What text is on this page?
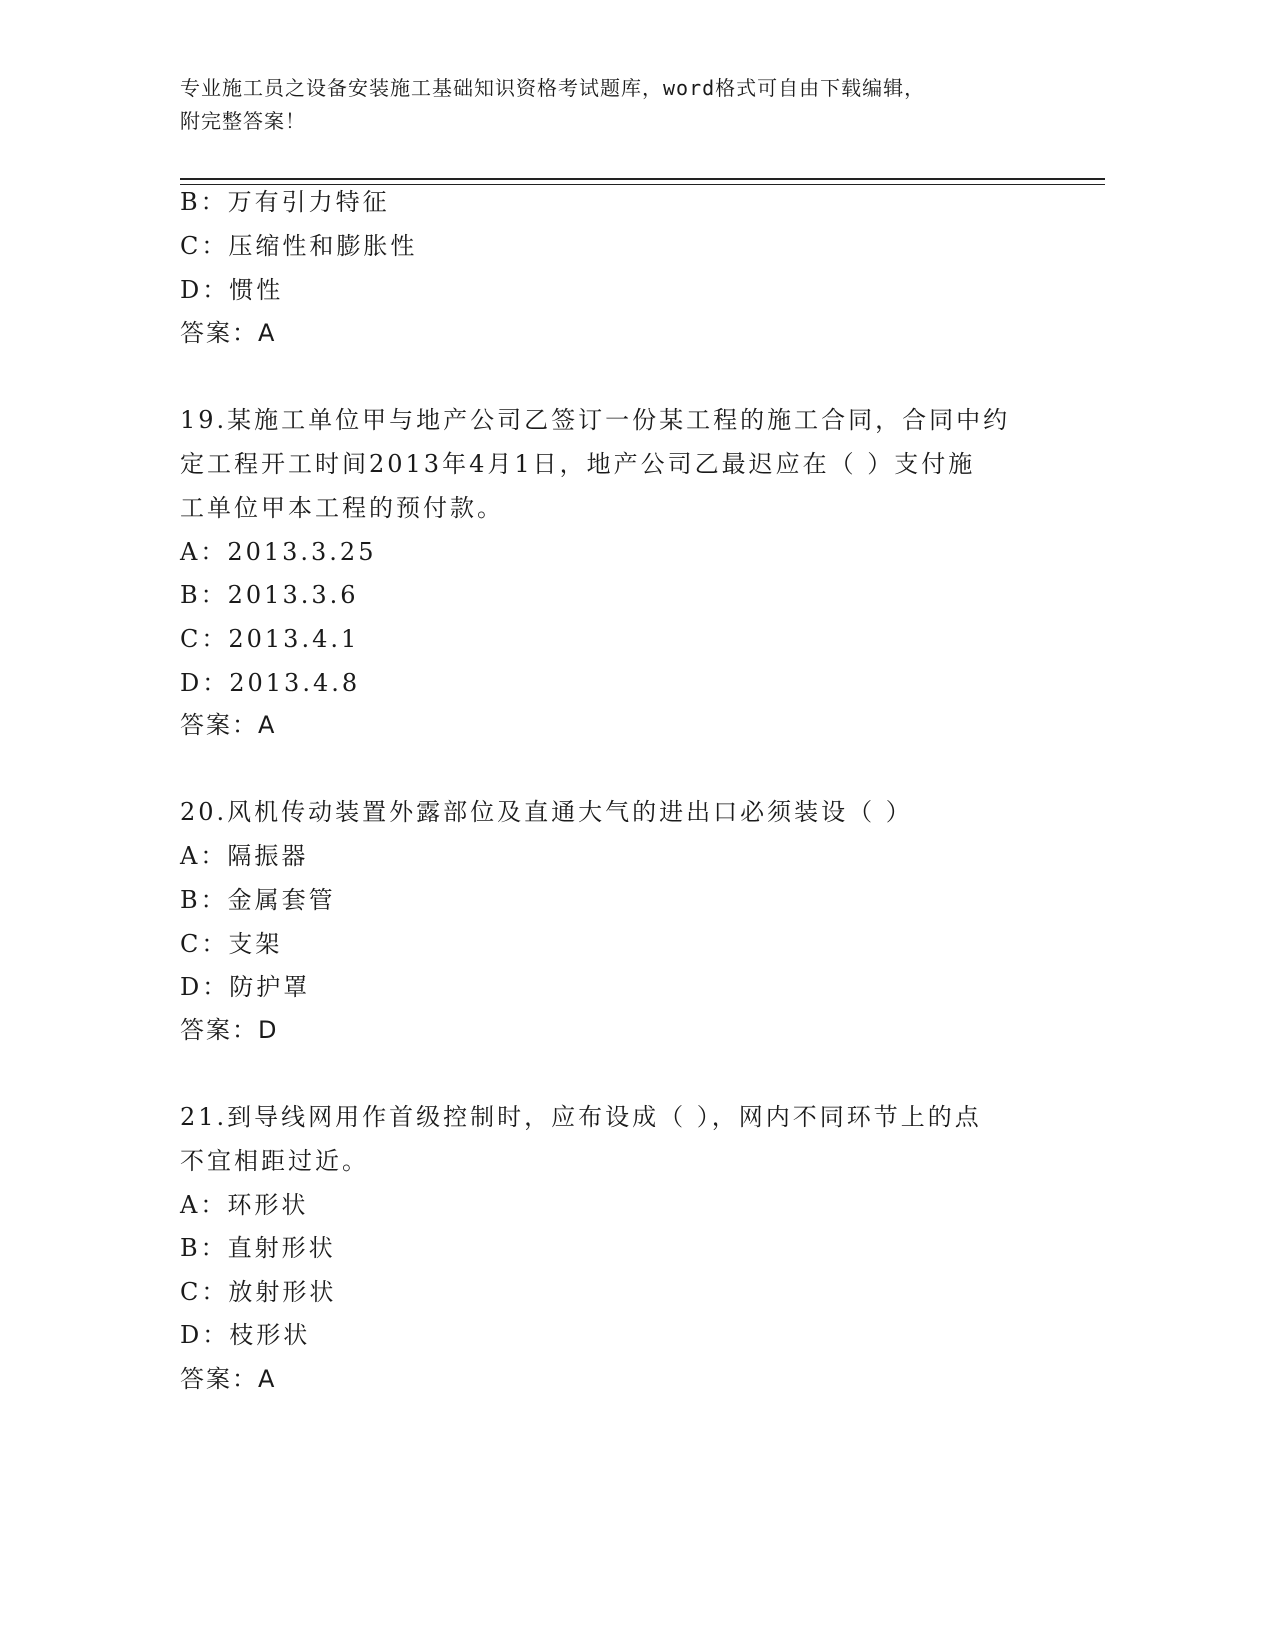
专业施工员之设备安装施工基础知识资格考试题库，word格式可自由下载编辑，
附完整答案！
B：万有引力特征
C：压缩性和膨胀性
D：惯性
答案：A
19.某施工单位甲与地产公司乙签订一份某工程的施工合同，合同中约
定工程开工时间2013年4月1日，地产公司乙最迟应在（ ）支付施
工单位甲本工程的预付款。
A：2013.3.25
B：2013.3.6
C：2013.4.1
D：2013.4.8
答案：A
20.风机传动装置外露部位及直通大气的进出口必须装设（ ）
A：隔振器
B：金属套管
C：支架
D：防护罩
答案：D
21.到导线网用作首级控制时，应布设成（ ），网内不同环节上的点
不宜相距过近。
A：环形状
B：直射形状
C：放射形状
D：枝形状
答案：A
